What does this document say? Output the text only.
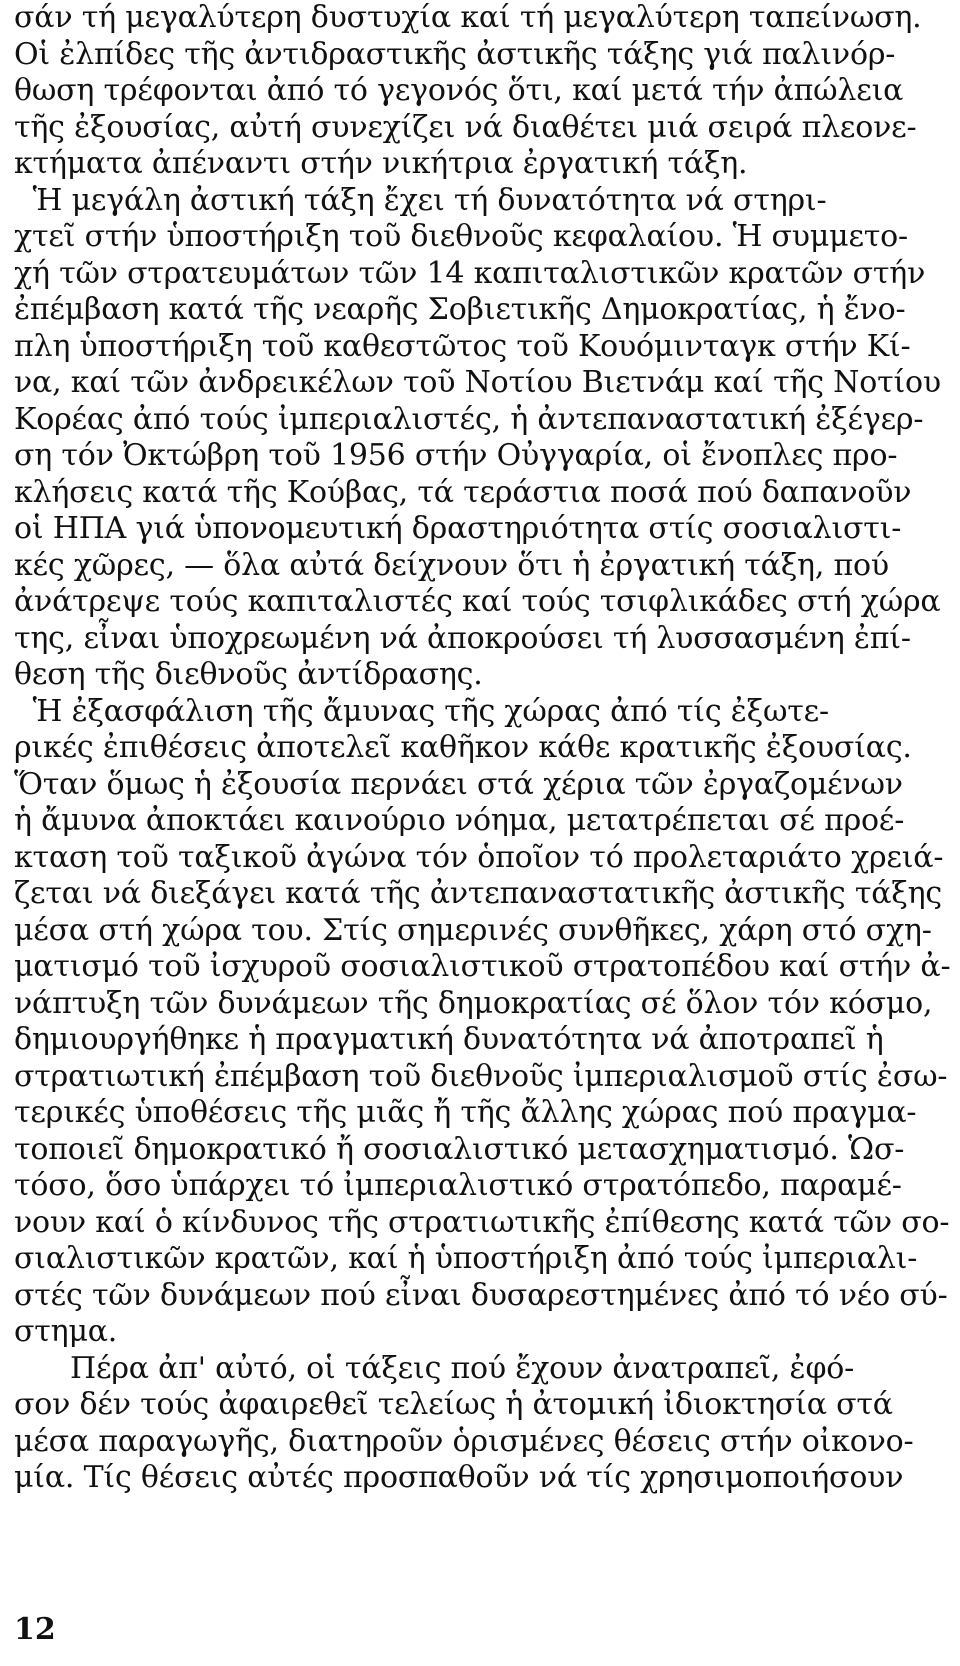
σάν τή μεγαλύτερη δυστυχία καί τή μεγαλύτερη ταπείνωση.
Οἱ ἐλπίδες τῆς ἀντιδραστικῆς ἀστικῆς τάξης γιά παλινόρ-
θωση τρέφονται ἀπό τό γεγονός ὅτι, καί μετά τήν ἀπώλεια
τῆς ἐξουσίας, αὐτή συνεχίζει νά διαθέτει μιά σειρά πλεονε-
κτήματα ἀπέναντι στήν νικήτρια ἐργατική τάξη.
Ἡ μεγάλη ἀστική τάξη ἔχει τή δυνατότητα νά στηρι-
χτεῖ στήν ὑποστήριξη τοῦ διεθνοῦς κεφαλαίου. Ἡ συμμετο-
χή τῶν στρατευμάτων τῶν 14 καπιταλιστικῶν κρατῶν στήν
ἐπέμβαση κατά τῆς νεαρῆς Σοβιετικῆς Δημοκρατίας, ἡ ἔνο-
πλη ὑποστήριξη τοῦ καθεστῶτος τοῦ Κουόμινταγκ στήν Κί-
να, καί τῶν ἀνδρεικέλων τοῦ Νοτίου Βιετνάμ καί τῆς Νοτίου
Κορέας ἀπό τούς ἰμπεριαλιστές, ἡ ἀντεπαναστατική ἐξέγερ-
ση τόν Ὀκτώβρη τοῦ 1956 στήν Οὐγγαρία, οἱ ἔνοπλες προ-
κλήσεις κατά τῆς Κούβας, τά τεράστια ποσά πού δαπανοῦν
οἱ ΗΠΑ γιά ὑπονομευτική δραστηριότητα στίς σοσιαλιστι-
κές χῶρες, — ὅλα αὐτά δείχνουν ὅτι ἡ ἐργατική τάξη, πού
ἀνάτρεψε τούς καπιταλιστές καί τούς τσιφλικάδες στή χώρα
της, εἶναι ὑποχρεωμένη νά ἀποκρούσει τή λυσσασμένη ἐπί-
θεση τῆς διεθνοῦς ἀντίδρασης.
Ἡ ἐξασφάλιση τῆς ἄμυνας τῆς χώρας ἀπό τίς ἐξωτε-
ρικές ἐπιθέσεις ἀποτελεῖ καθῆκον κάθε κρατικῆς ἐξουσίας.
Ὅταν ὅμως ἡ ἐξουσία περνάει στά χέρια τῶν ἐργαζομένων
ἡ ἄμυνα ἀποκτάει καινούριο νόημα, μετατρέπεται σέ προέ-
κταση τοῦ ταξικοῦ ἀγώνα τόν ὁποῖον τό προλεταριάτο χρειά-
ζεται νά διεξάγει κατά τῆς ἀντεπαναστατικῆς ἀστικῆς τάξης
μέσα στή χώρα του. Στίς σημερινές συνθῆκες, χάρη στό σχη-
ματισμό τοῦ ἰσχυροῦ σοσιαλιστικοῦ στρατοπέδου καί στήν ἀ-
νάπτυξη τῶν δυνάμεων τῆς δημοκρατίας σέ ὅλον τόν κόσμο,
δημιουργήθηκε ἡ πραγματική δυνατότητα νά ἀποτραπεῖ ἡ
στρατιωτική ἐπέμβαση τοῦ διεθνοῦς ἰμπεριαλισμοῦ στίς ἐσω-
τερικές ὑποθέσεις τῆς μιᾶς ἤ τῆς ἄλλης χώρας πού πραγμα-
τοποιεῖ δημοκρατικό ἤ σοσιαλιστικό μετασχηματισμό. Ὡσ-
τόσο, ὅσο ὑπάρχει τό ἰμπεριαλιστικό στρατόπεδο, παραμέ-
νουν καί ὁ κίνδυνος τῆς στρατιωτικῆς ἐπίθεσης κατά τῶν σο-
σιαλιστικῶν κρατῶν, καί ἡ ὑποστήριξη ἀπό τούς ἰμπεριαλι-
στές τῶν δυνάμεων πού εἶναι δυσαρεστημένες ἀπό τό νέο σύ-
στημα.
Πέρα ἀπ' αὐτό, οἱ τάξεις πού ἔχουν ἀνατραπεῖ, ἐφό-
σον δέν τούς ἀφαιρεθεῖ τελείως ἡ ἀτομική ἰδιοκτησία στά
μέσα παραγωγῆς, διατηροῦν ὁρισμένες θέσεις στήν οἰκονο-
μία. Τίς θέσεις αὐτές προσπαθοῦν νά τίς χρησιμοποιήσουν
12
